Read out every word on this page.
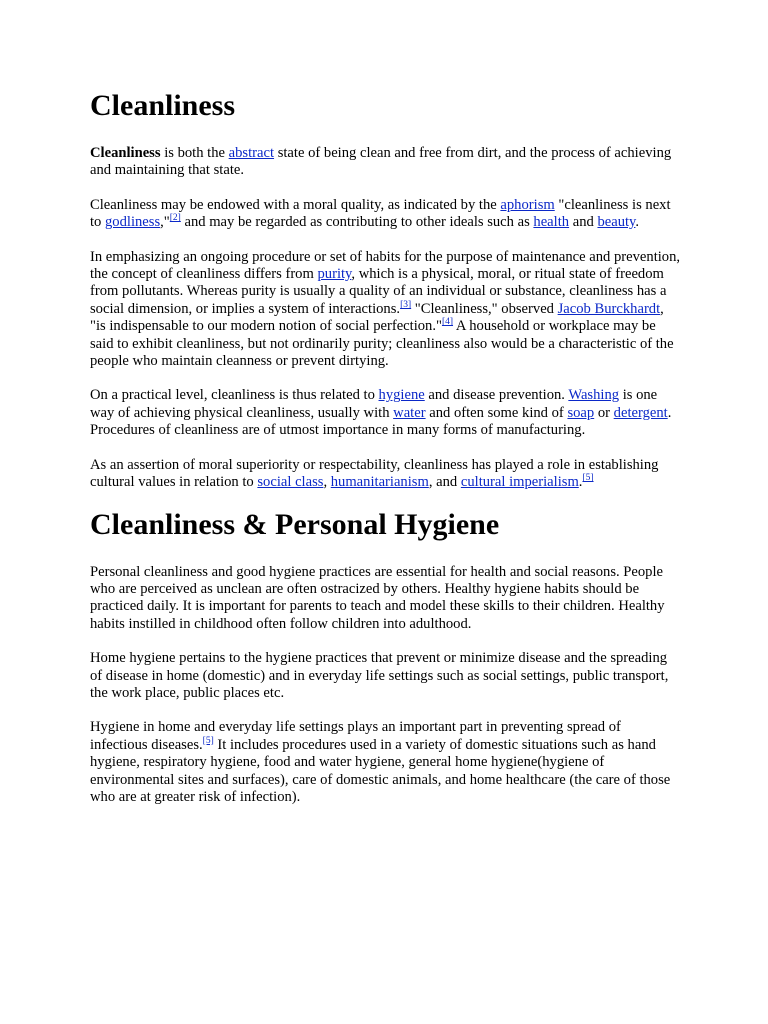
Cleanliness

Cleanliness is both the abstract state of being clean and free from dirt, and the process of achieving and maintaining that state.

Cleanliness may be endowed with a moral quality, as indicated by the aphorism "cleanliness is next to godliness,"[2] and may be regarded as contributing to other ideals such as health and beauty.

In emphasizing an ongoing procedure or set of habits for the purpose of maintenance and prevention, the concept of cleanliness differs from purity, which is a physical, moral, or ritual state of freedom from pollutants. Whereas purity is usually a quality of an individual or substance, cleanliness has a social dimension, or implies a system of interactions.[3] "Cleanliness," observed Jacob Burckhardt, "is indispensable to our modern notion of social perfection."[4] A household or workplace may be said to exhibit cleanliness, but not ordinarily purity; cleanliness also would be a characteristic of the people who maintain cleanness or prevent dirtying.

On a practical level, cleanliness is thus related to hygiene and disease prevention. Washing is one way of achieving physical cleanliness, usually with water and often some kind of soap or detergent. Procedures of cleanliness are of utmost importance in many forms of manufacturing.

As an assertion of moral superiority or respectability, cleanliness has played a role in establishing cultural values in relation to social class, humanitarianism, and cultural imperialism.[5]

Cleanliness & Personal Hygiene

Personal cleanliness and good hygiene practices are essential for health and social reasons. People who are perceived as unclean are often ostracized by others. Healthy hygiene habits should be practiced daily. It is important for parents to teach and model these skills to their children. Healthy habits instilled in childhood often follow children into adulthood.

Home hygiene pertains to the hygiene practices that prevent or minimize disease and the spreading of disease in home (domestic) and in everyday life settings such as social settings, public transport, the work place, public places etc.

Hygiene in home and everyday life settings plays an important part in preventing spread of infectious diseases.[5] It includes procedures used in a variety of domestic situations such as hand hygiene, respiratory hygiene, food and water hygiene, general home hygiene(hygiene of environmental sites and surfaces), care of domestic animals, and home healthcare (the care of those who are at greater risk of infection).
